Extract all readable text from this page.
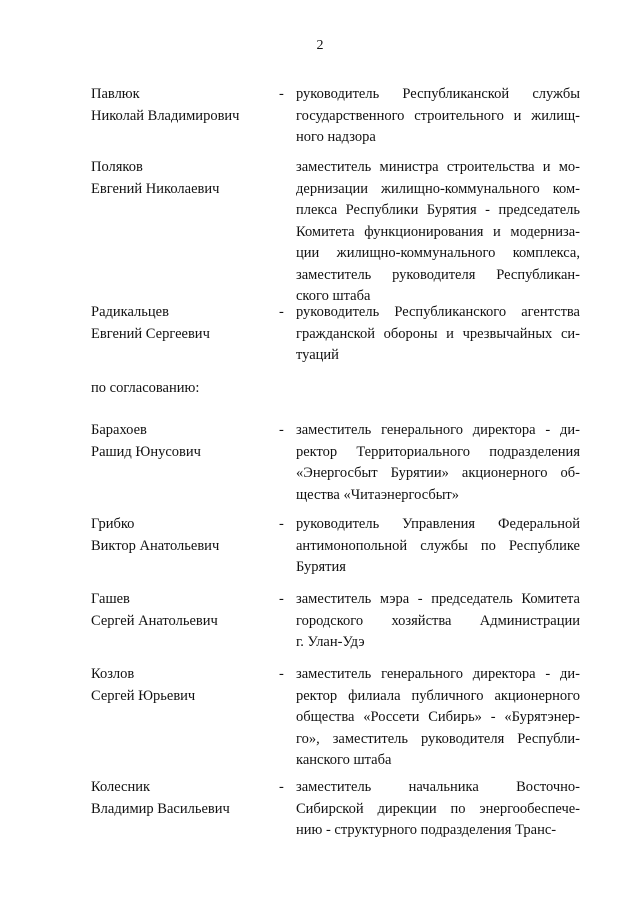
2
Павлюк
Николай Владимирович
- руководитель Республиканской службы
государственного строительного и жилищ-
ного надзора
Поляков
Евгений Николаевич
заместитель министра строительства и мо-
дернизации жилищно-коммунального ком-
плекса Республики Бурятия - председатель
Комитета функционирования и модерниза-
ции жилищно-коммунального комплекса,
заместитель руководителя Республикан-
ского штаба
Радикальцев
Евгений Сергеевич
- руководитель Республиканского агентства
гражданской обороны и чрезвычайных си-
туаций
по согласованию:
Барахоев
Рашид Юнусович
- заместитель генерального директора - ди-
ректор Территориального подразделения
«Энергосбыт Бурятии» акционерного об-
щества «Читаэнергосбыт»
Грибко
Виктор Анатольевич
- руководитель Управления Федеральной
антимонопольной службы по Республике
Бурятия
Гашев
Сергей Анатольевич
- заместитель мэра - председатель Комитета
городского хозяйства Администрации
г. Улан-Удэ
Козлов
Сергей Юрьевич
- заместитель генерального директора - ди-
ректор филиала публичного акционерного
общества «Россети Сибирь» - «Бурятэнер-
го», заместитель руководителя Республи-
канского штаба
Колесник
Владимир Васильевич
- заместитель начальника Восточно-
Сибирской дирекции по энергообеспече-
нию - структурного подразделения Транс-
